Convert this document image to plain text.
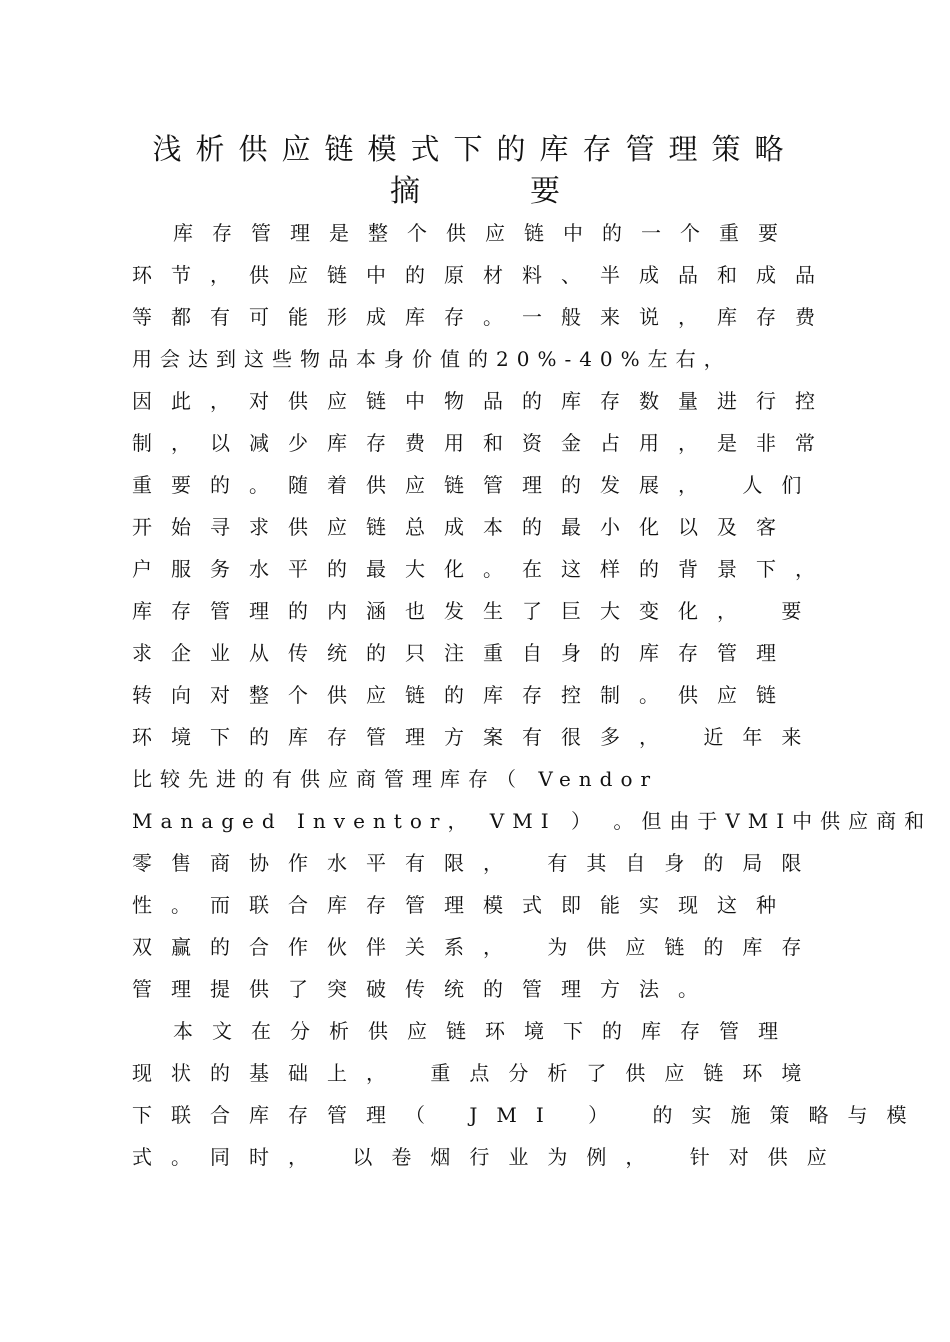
浅析供应链模式下的库存管理策略
摘要
库存管理是整个供应链中的一个重要
环节，供应链中的原材料、半成品和成品
等都有可能形成库存。一般来说，库存费
用会达到这些物品本身价值的20%-40%左右，
因此，对供应链中物品的库存数量进行控
制，以减少库存费用和资金占用，是非常
重要的。随着供应链管理的发展， 人们
开始寻求供应链总成本的最小化以及客
户服务水平的最大化。在这样的背景下，
库存管理的内涵也发生了巨大变化， 要
求企业从传统的只注重自身的库存管理
转向对整个供应链的库存控制。供应链
环境下的库存管理方案有很多， 近年来
比较先进的有供应商管理库存（ Vendor
Managed Inventor， VMI ） 。但由于VMI中供应商和
零售商协作水平有限， 有其自身的局限
性。而联合库存管理模式即能实现这种
双赢的合作伙伴关系， 为供应链的库存
管理提供了突破传统的管理方法。
本文在分析供应链环境下的库存管理
现状的基础上， 重点分析了供应链环境
下联合库存管理（ JMI ） 的实施策略与模
式。同时， 以卷烟行业为例， 针对供应
